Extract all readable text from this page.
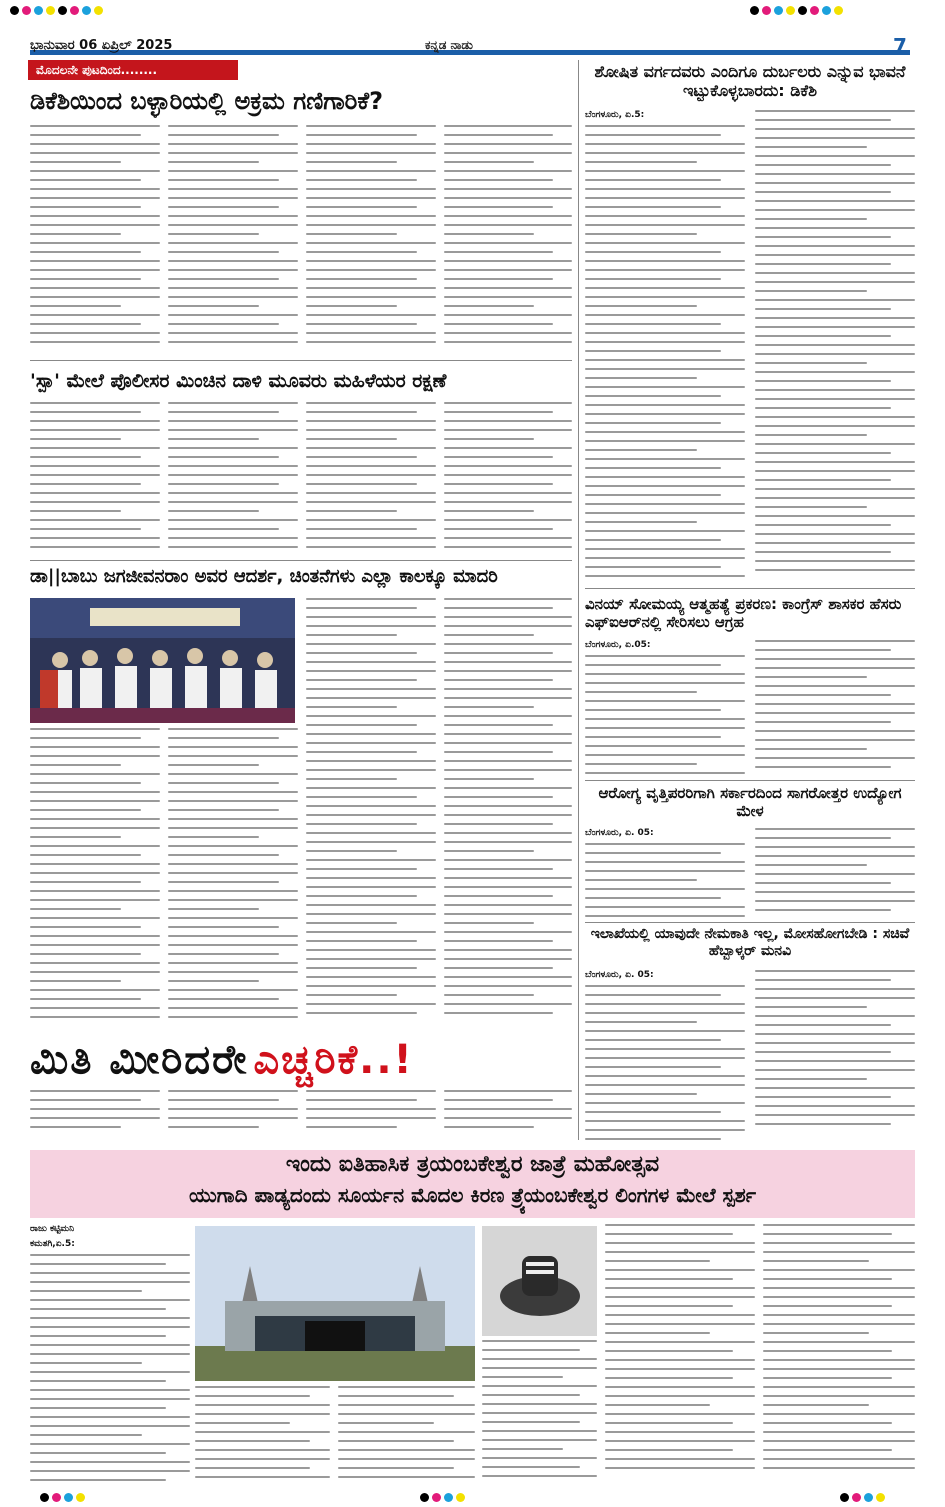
ಭಾನುವಾರ 06 ಏಪ್ರಿಲ್ 2025	ಕನ್ನಡ ನಾಡು	7
ಮೊದಲನೇ ಪುಟದಿಂದ........
ಡಿಕೆಶಿಯಿಂದ ಬಳ್ಳಾರಿಯಲ್ಲಿ ಅಕ್ರಮ ಗಣಿಗಾರಿಕೆ?
'ಸ್ಪಾ' ಮೇಲೆ ಪೊಲೀಸರ ಮಿಂಚಿನ ದಾಳಿ ಮೂವರು ಮಹಿಳೆಯರ ರಕ್ಷಣೆ
ಡಾ||ಬಾಬು ಜಗಜೀವನರಾಂ ಅವರ ಆದರ್ಶ, ಚಿಂತನೆಗಳು ಎಲ್ಲಾ ಕಾಲಕ್ಕೂ ಮಾದರಿ
ಮಿತಿ ಮೀರಿದರೇ ಎಚ್ಚರಿಕೆ..!
ಶೋಷಿತ ವರ್ಗದವರು ಎಂದಿಗೂ ದುರ್ಬಲರು ಎನ್ನುವ ಭಾವನೆ ಇಟ್ಟುಕೊಳ್ಳಬಾರದು: ಡಿಕೆಶಿ
ಬೆಂಗಳೂರು, ಏ.5:
ವಿನಯ್ ಸೋಮಯ್ಯ ಆತ್ಮಹತ್ಯೆ ಪ್ರಕರಣ: ಕಾಂಗ್ರೆಸ್ ಶಾಸಕರ ಹೆಸರು ಎಫ್‌ಐಆರ್‌ನಲ್ಲಿ ಸೇರಿಸಲು ಆಗ್ರಹ
ಬೆಂಗಳೂರು, ಏ.05:
ಆರೋಗ್ಯ ವೃತ್ತಿಪರರಿಗಾಗಿ ಸರ್ಕಾರದಿಂದ ಸಾಗರೋತ್ತರ ಉದ್ಯೋಗ ಮೇಳ
ಬೆಂಗಳೂರು, ಏ. 05:
ಇಲಾಖೆಯಲ್ಲಿ ಯಾವುದೇ ನೇಮಕಾತಿ ಇಲ್ಲ, ಮೋಸಹೋಗಬೇಡಿ : ಸಚಿವೆ ಹೆಬ್ಬಾಳ್ಕರ್ ಮನವಿ
ಬೆಂಗಳೂರು, ಏ. 05:
ಇಂದು ಐತಿಹಾಸಿಕ ತ್ರಯಂಬಕೇಶ್ವರ ಜಾತ್ರೆ ಮಹೋತ್ಸವ
ಯುಗಾದಿ ಪಾಡ್ಯದಂದು ಸೂರ್ಯನ ಮೊದಲ ಕಿರಣ ತ್ರ್ಯೆಯಂಬಕೇಶ್ವರ ಲಿಂಗಗಳ ಮೇಲೆ ಸ್ಪರ್ಶ
ರಾಜು ಕಟ್ಟಿಮನಿ
ಕಮತಗಿ,ಏ.5:
